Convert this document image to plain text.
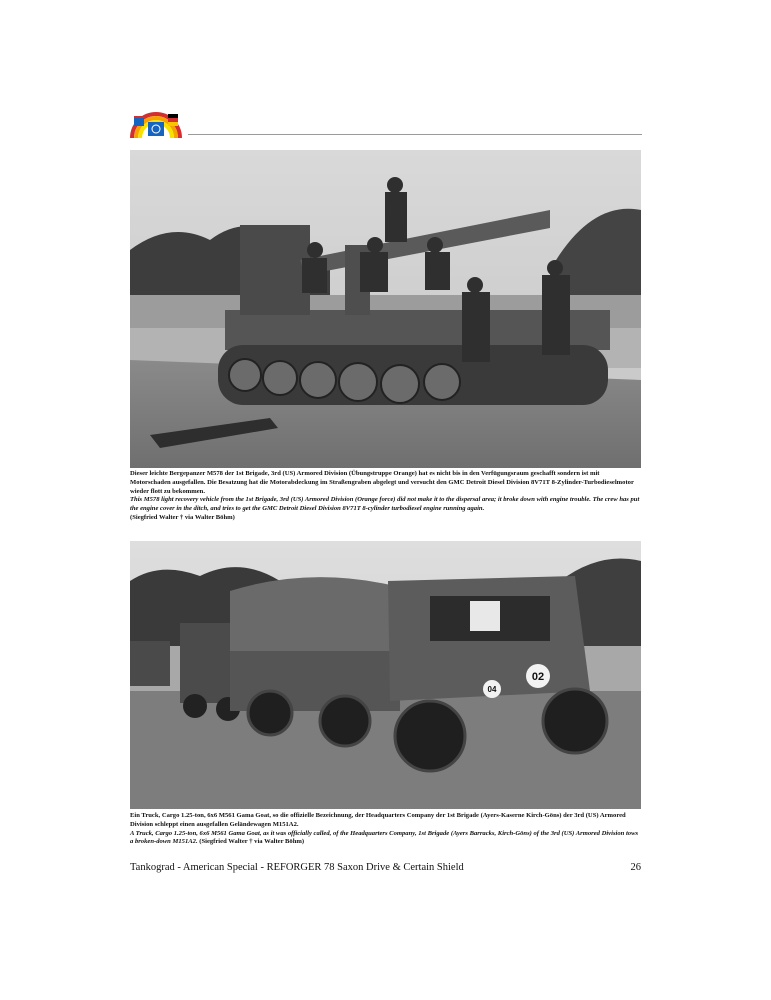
Dieser leichte Bergepanzer M578 der 1st Brigade, 3rd (US) Armored Division (Übungstruppe Orange) hat es nicht bis in den Verfügungsraum geschafft sondern ist mit Motorschaden ausgefallen. Die Besatzung hat die Motorabdeckung im Straßengraben abgelegt und versucht den GMC Detroit Diesel Division 8V71T 8-Zylinder-Turbodieselmotor wieder flott zu bekommen.

This M578 light recovery vehicle from the 1st Brigade, 3rd (US) Armored Division (Orange force) did not make it to the dispersal area; it broke down with engine trouble. The crew has put the engine cover in the ditch, and tries to get the GMC Detroit Diesel Division 8V71T 8-cylinder turbodiesel engine running again.

(Siegfried Walter † via Walter Böhm)

02
04

Ein Truck, Cargo 1.25-ton, 6x6 M561 Gama Goat, so die offizielle Bezeichnung, der Headquarters Company der 1st Brigade (Ayers-Kaserne Kirch-Göns) der 3rd (US) Armored Division schleppt einen ausgefallen Geländewagen M151A2.

A Truck, Cargo 1.25-ton, 6x6 M561 Gama Goat, as it was officially called, of the Headquarters Company, 1st Brigade (Ayers Barracks, Kirch-Göns) of the 3rd (US) Armored Division tows a broken-down M151A2. (Siegfried Walter † via Walter Böhm)

Tankograd - American Special - REFORGER 78 Saxon Drive & Certain Shield	26
